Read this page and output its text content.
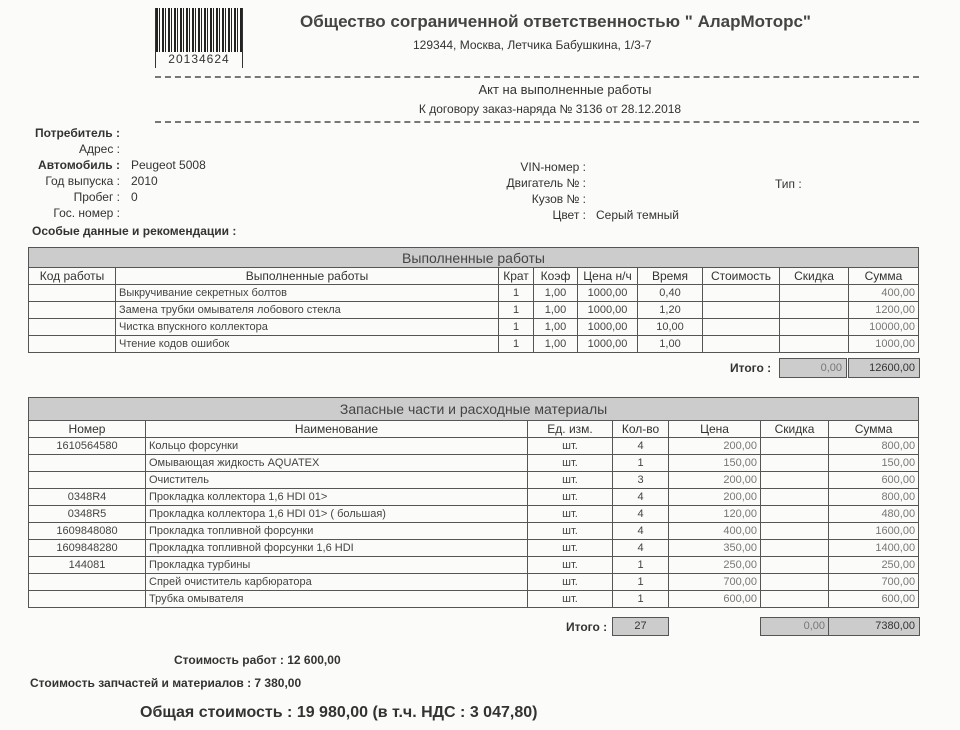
20134624
Общество сограниченной ответственностью " АларМоторс"
129344, Москва, Летчика Бабушкина, 1/3-7
Акт на выполненные работы
К договору заказ-наряда № 3136 от 28.12.2018
Потребитель :
Адрес :
Автомобиль : Peugeot 5008
Год выпуска : 2010
Пробег : 0
Гос. номер :
VIN-номер :
Двигатель № :
Кузов № :
Цвет : Серый темный
Тип :
Особые данные и рекомендации :
Выполненные работы								
Код работы	Выполненные работы	Крат	Коэф	Цена н/ч	Время	Стоимость	Скидка	Сумма
	Выкручивание секретных болтов	1	1,00	1000,00	0,40			400,00
	Замена трубки омывателя лобового стекла	1	1,00	1000,00	1,20			1200,00
	Чистка впускного коллектора	1	1,00	1000,00	10,00			10000,00
	Чтение кодов ошибок	1	1,00	1000,00	1,00			1000,00
Итого :	0,00	12600,00
Запасные части и расходные материалы						
Номер	Наименование	Ед. изм.	Кол-во	Цена	Скидка	Сумма
1610564580	Кольцо форсунки	шт.	4	200,00		800,00
	Омывающая жидкость AQUATEX	шт.	1	150,00		150,00
	Очиститель	шт.	3	200,00		600,00
0348R4	Прокладка коллектора 1,6 HDI 01>	шт.	4	200,00		800,00
0348R5	Прокладка коллектора 1,6 HDI 01> ( большая)	шт.	4	120,00		480,00
1609848080	Прокладка топливной форсунки	шт.	4	400,00		1600,00
1609848280	Прокладка топливной форсунки 1,6 HDI	шт.	4	350,00		1400,00
144081	Прокладка турбины	шт.	1	250,00		250,00
	Спрей очиститель карбюратора	шт.	1	700,00		700,00
	Трубка омывателя	шт.	1	600,00		600,00
Итого :	27	0,00	7380,00
Стоимость работ : 12 600,00
Стоимость запчастей и материалов : 7 380,00
Общая стоимость : 19 980,00 (в т.ч. НДС : 3 047,80)
